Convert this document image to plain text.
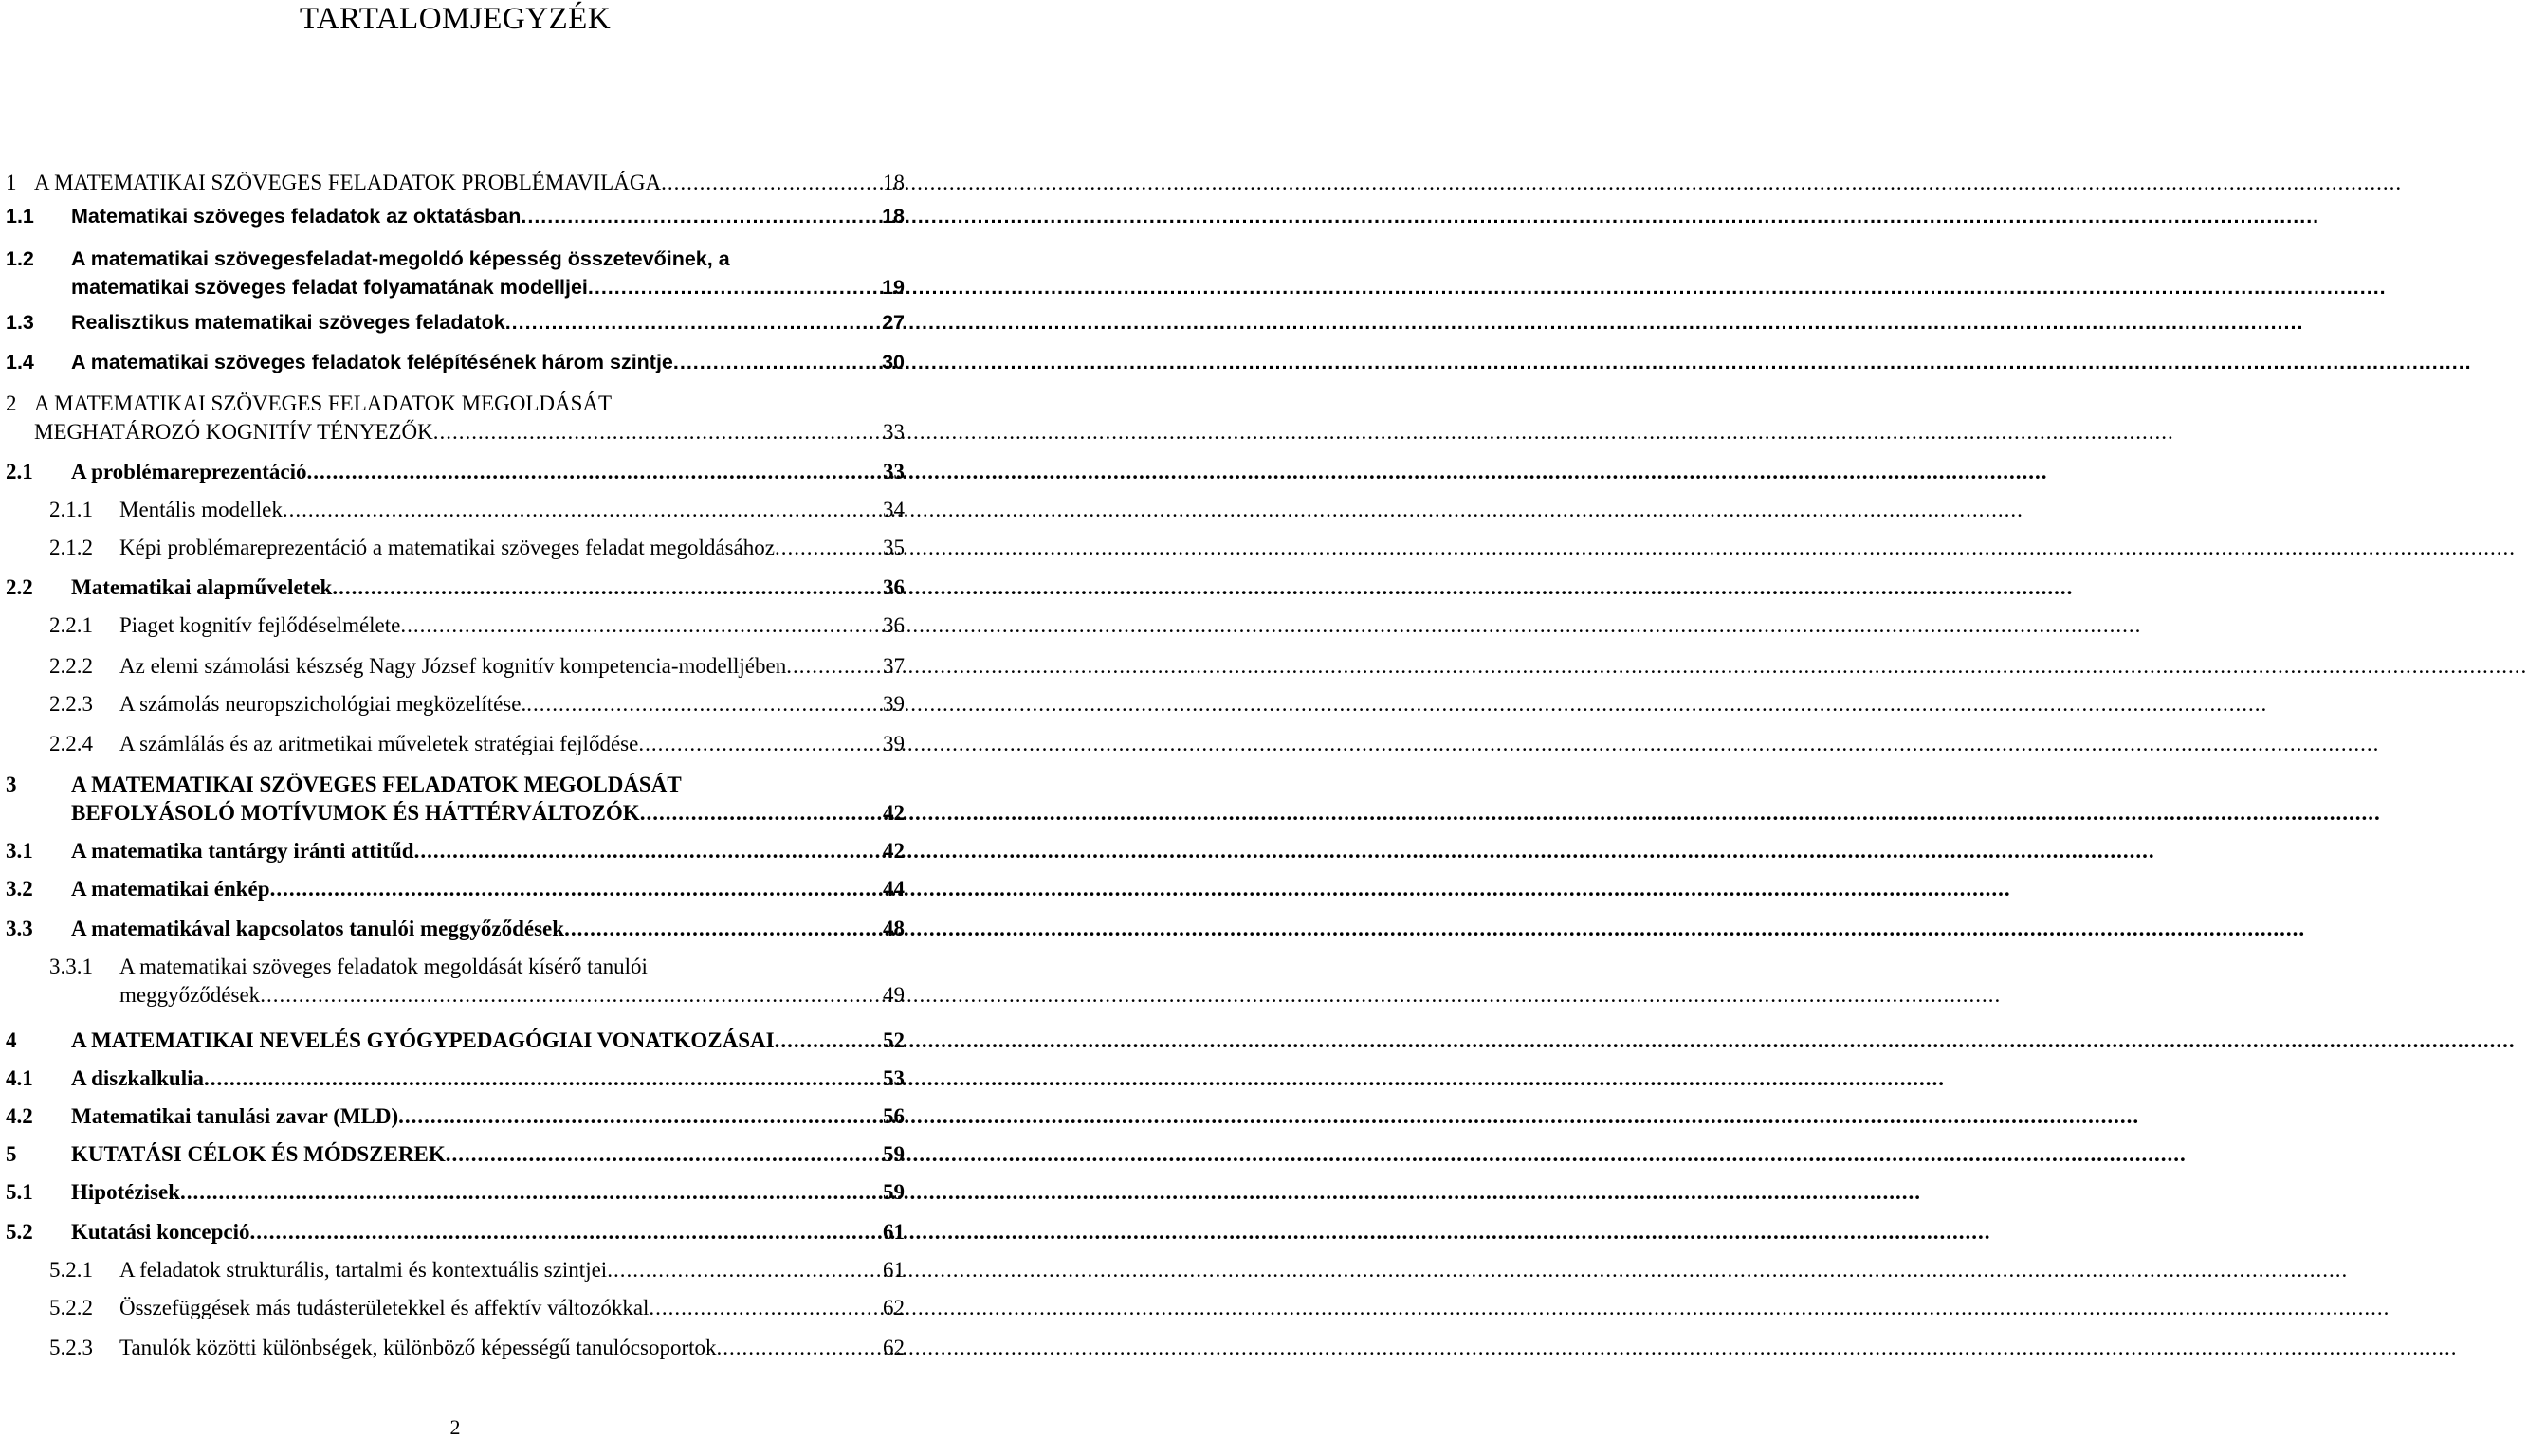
TARTALOMJEGYZÉK
1 A MATEMATIKAI SZÖVEGES FELADATOK PROBLÉMAVILÁGA .....	18
1.1	Matematikai szöveges feladatok az oktatásban .....	18
1.2	A matematikai szövegesfeladat-megoldó képesség összetevőinek, a
matematikai szöveges feladat folyamatának modelljei .....	19
1.3	Realisztikus matematikai szöveges feladatok .....	27
1.4	A matematikai szöveges feladatok felépítésének három szintje .....	30
2 A MATEMATIKAI SZÖVEGES FELADATOK MEGOLDÁSÁT
MEGHATÁROZÓ KOGNITÍV TÉNYEZŐK .....	33
2.1	A problémareprezentáció .....	33
2.1.1	Mentális modellek .....	34
2.1.2	Képi problémareprezentáció a matematikai szöveges feladat megoldásához .....	35
2.2	Matematikai alapműveletek .....	36
2.2.1	Piaget kognitív fejlődéselmélete .....	36
2.2.2	Az elemi számolási készség Nagy József kognitív kompetencia-modelljében .....	37
2.2.3	A számolás neuropszichológiai megközelítése. .....	39
2.2.4	A számlálás és az aritmetikai műveletek stratégiai fejlődése .....	39
3	A MATEMATIKAI SZÖVEGES FELADATOK MEGOLDÁSÁT
BEFOLYÁSOLÓ MOTÍVUMOK ÉS HÁTTÉRVÁLTOZÓK .....	42
3.1	A matematika tantárgy iránti attitűd .....	42
3.2	A matematikai énkép .....	44
3.3	A matematikával kapcsolatos tanulói meggyőződések .....	48
3.3.1	A matematikai szöveges feladatok megoldását kísérő tanulói
meggyőződések .....	49
4	A MATEMATIKAI NEVELÉS GYÓGYPEDAGÓGIAI VONATKOZÁSAI .....	52
4.1	A diszkalkulia .....	53
4.2	Matematikai tanulási zavar (MLD) .....	56
5	KUTATÁSI CÉLOK ÉS MÓDSZEREK .....	59
5.1	Hipotézisek .....	59
5.2	Kutatási koncepció .....	61
5.2.1	A feladatok strukturális, tartalmi és kontextuális szintjei .....	61
5.2.2	Összefüggések más tudásterületekkel és affektív változókkal .....	62
5.2.3	Tanulók közötti különbségek, különböző képességű tanulócsoportok .....	62
2
